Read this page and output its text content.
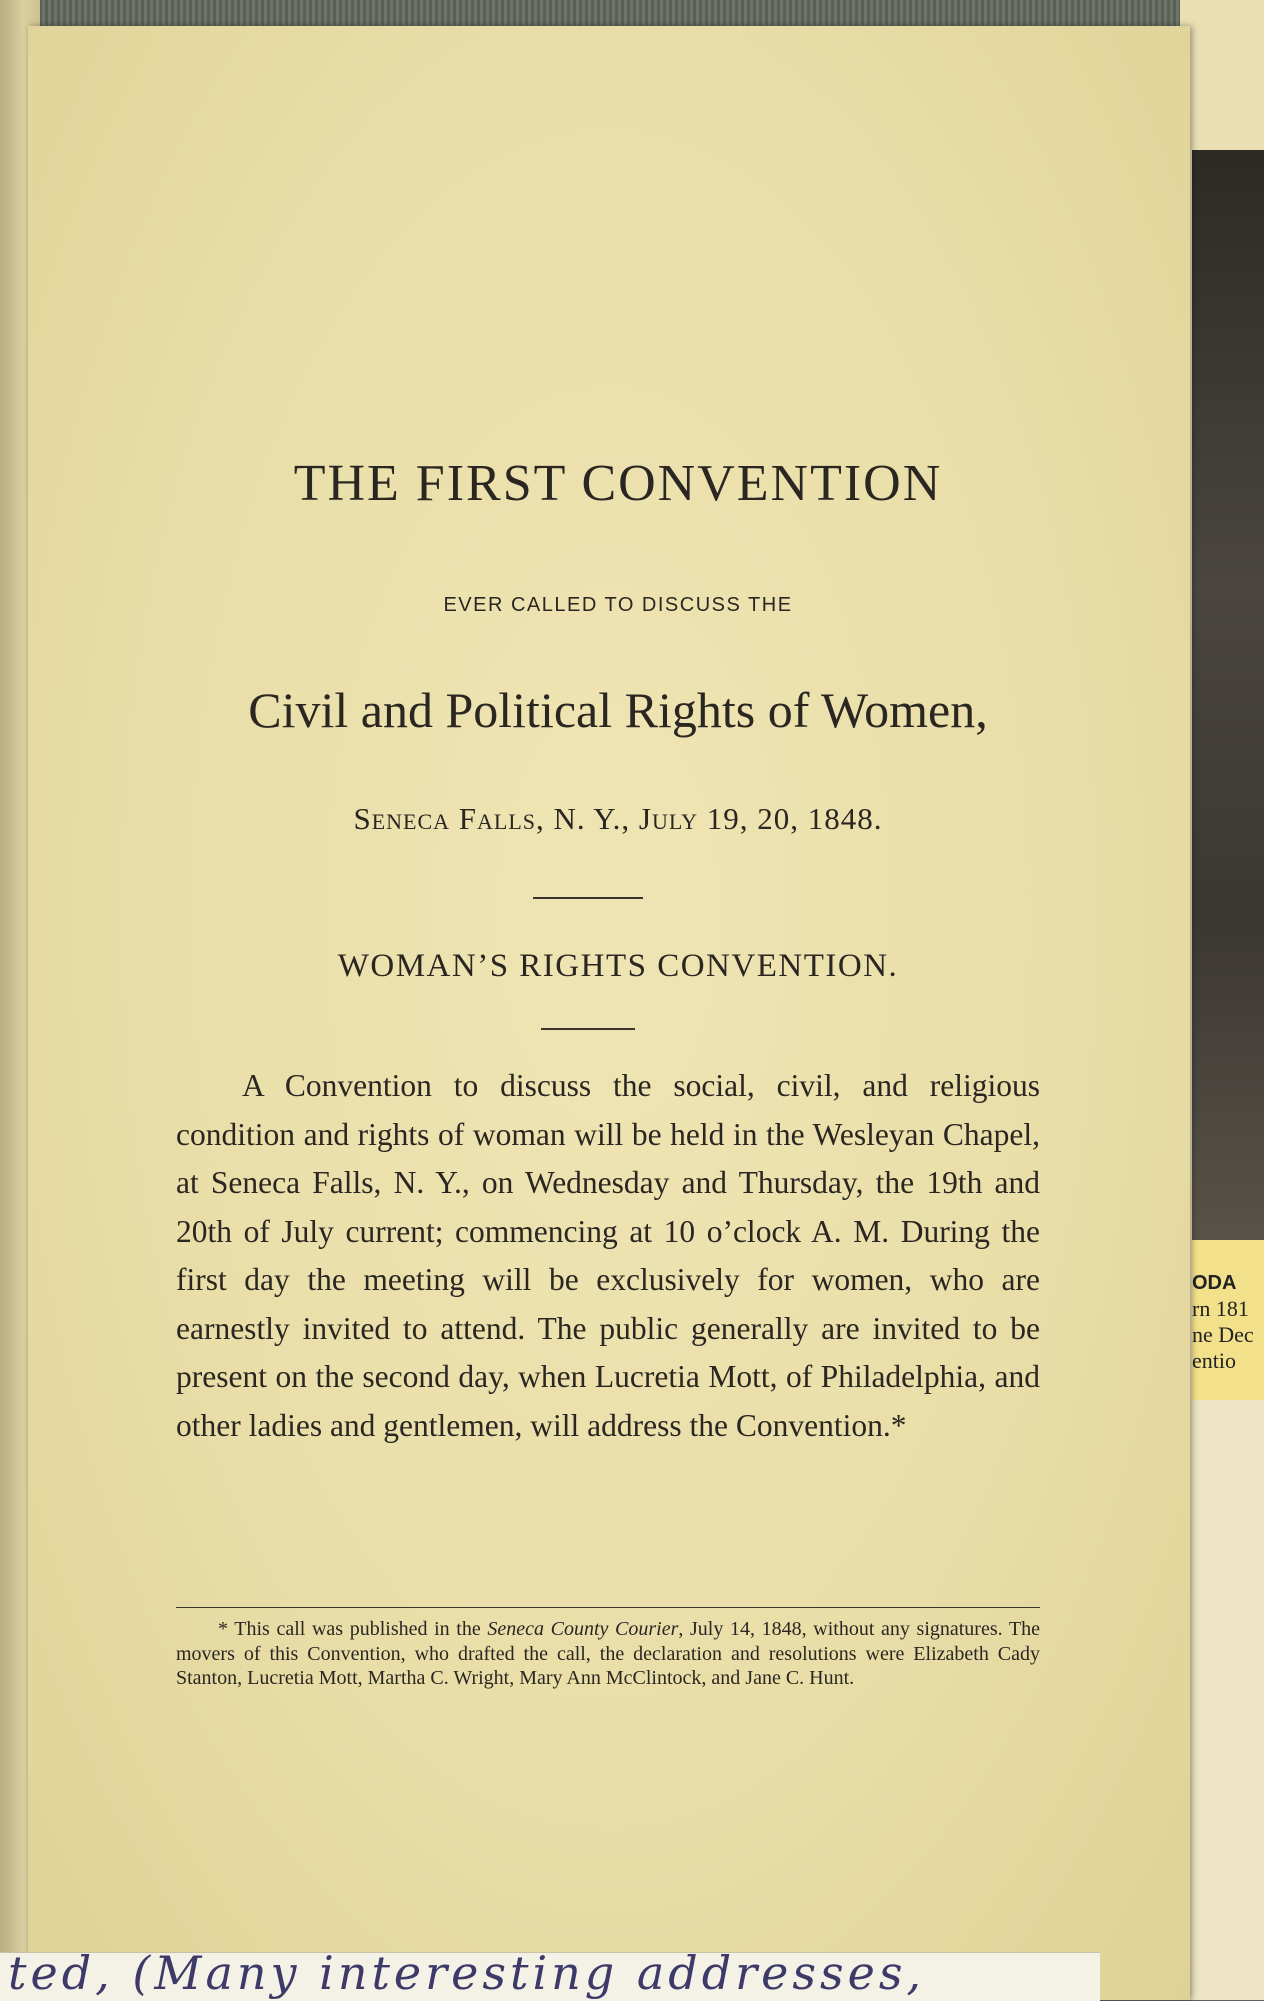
ODA
rn 181
ne Dec
entio
THE FIRST CONVENTION
EVER CALLED TO DISCUSS THE
Civil and Political Rights of Women,
Seneca Falls, N. Y., July 19, 20, 1848.
WOMAN’S RIGHTS CONVENTION.
A Convention to discuss the social, civil, and religious condition and rights of woman will be held in the Wesleyan Chapel, at Seneca Falls, N. Y., on Wednesday and Thursday, the 19th and 20th of July current; commencing at 10 o’clock A. M. During the first day the meeting will be exclusively for women, who are earnestly invited to attend. The public generally are invited to be present on the second day, when Lucretia Mott, of Philadelphia, and other ladies and gentlemen, will address the Convention.*
* This call was published in the Seneca County Courier, July 14, 1848, without any signatures. The movers of this Convention, who drafted the call, the declaration and resolutions were Elizabeth Cady Stanton, Lucretia Mott, Martha C. Wright, Mary Ann McClintock, and Jane C. Hunt.
ted, (Many interesting addresses,
